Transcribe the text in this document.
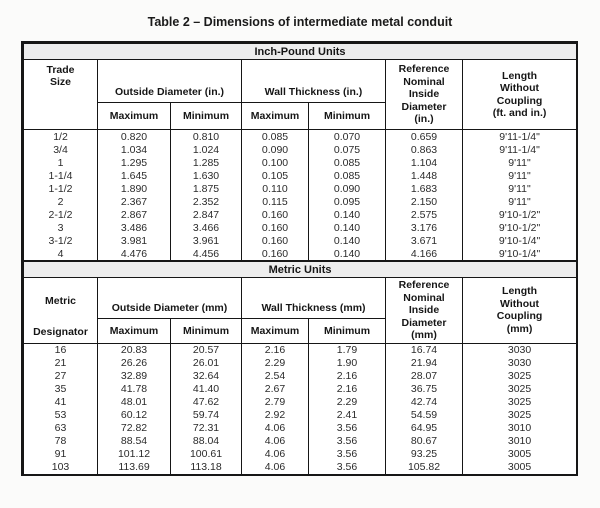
Table 2 – Dimensions of intermediate metal conduit
Inch-Pound Units						

Trade
Size
	Outside Diameter (in.)	Wall Thickness (in.)	
Reference
Nominal
Inside
Diameter
(in.)

Length
Without
Coupling
(ft. and in.)

	Maximum	Minimum	Maximum	Minimum		
1/2	0.820	0.810	0.085	0.070	0.659	9'11-1/4"
3/4	1.034	1.024	0.090	0.075	0.863	9'11-1/4"
1	1.295	1.285	0.100	0.085	1.104	9'11"
1-1/4	1.645	1.630	0.105	0.085	1.448	9'11"
1-1/2	1.890	1.875	0.110	0.090	1.683	9'11"
2	2.367	2.352	0.115	0.095	2.150	9'11"
2-1/2	2.867	2.847	0.160	0.140	2.575	9'10-1/2"
3	3.486	3.466	0.160	0.140	3.176	9'10-1/2"
3-1/2	3.981	3.961	0.160	0.140	3.671	9'10-1/4"
4	4.476	4.456	0.160	0.140	4.166	9'10-1/4"
Metric Units						

Metric
Designator
	Outside Diameter (mm)	Wall Thickness (mm)	
Reference
Nominal
Inside
Diameter
(mm)

Length
Without
Coupling
(mm)

	Maximum	Minimum	Maximum	Minimum		
16	20.83	20.57	2.16	1.79	16.74	3030
21	26.26	26.01	2.29	1.90	21.94	3030
27	32.89	32.64	2.54	2.16	28.07	3025
35	41.78	41.40	2.67	2.16	36.75	3025
41	48.01	47.62	2.79	2.29	42.74	3025
53	60.12	59.74	2.92	2.41	54.59	3025
63	72.82	72.31	4.06	3.56	64.95	3010
78	88.54	88.04	4.06	3.56	80.67	3010
91	101.12	100.61	4.06	3.56	93.25	3005
103	113.69	113.18	4.06	3.56	105.82	3005
